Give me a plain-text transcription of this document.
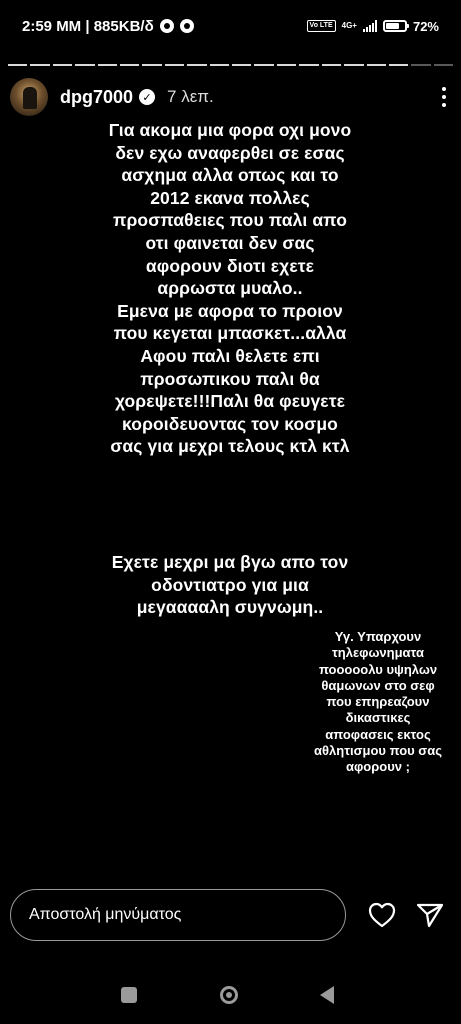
2:59 MM | 885KB/δ	Vo LTE	4G+	72%
dpg7000 ✓ 7 λεπ.
Για ακομα μια φορα οχι μονο
δεν εχω αναφερθει σε εσας
ασχημα αλλα οπως και το
2012 εκανα πολλες
προσπαθειες που παλι απο
οτι φαινεται δεν σας
αφορουν διοτι εχετε
αρρωστα μυαλο..
Εμενα με αφορα το προιον
που κεγεται μπασκετ...αλλα
Αφου παλι θελετε επι
προσωπικου παλι θα
χορεψετε!!!Παλι θα φευγετε
κοροιδευοντας τον κοσμο
σας για μεχρι τελους κτλ κτλ
Εχετε μεχρι μα βγω απο τον
οδοντιατρο για μια
μεγααααλη συγνωμη..
Υγ. Υπαρχουν
τηλεφωνηματα
ποοοοολυ υψηλων
θαμωνων στο σεφ
που επηρεαζουν
δικαστικες
αποφασεις εκτος
αθλητισμου που σας
αφορουν ;
Αποστολή μηνύματος
